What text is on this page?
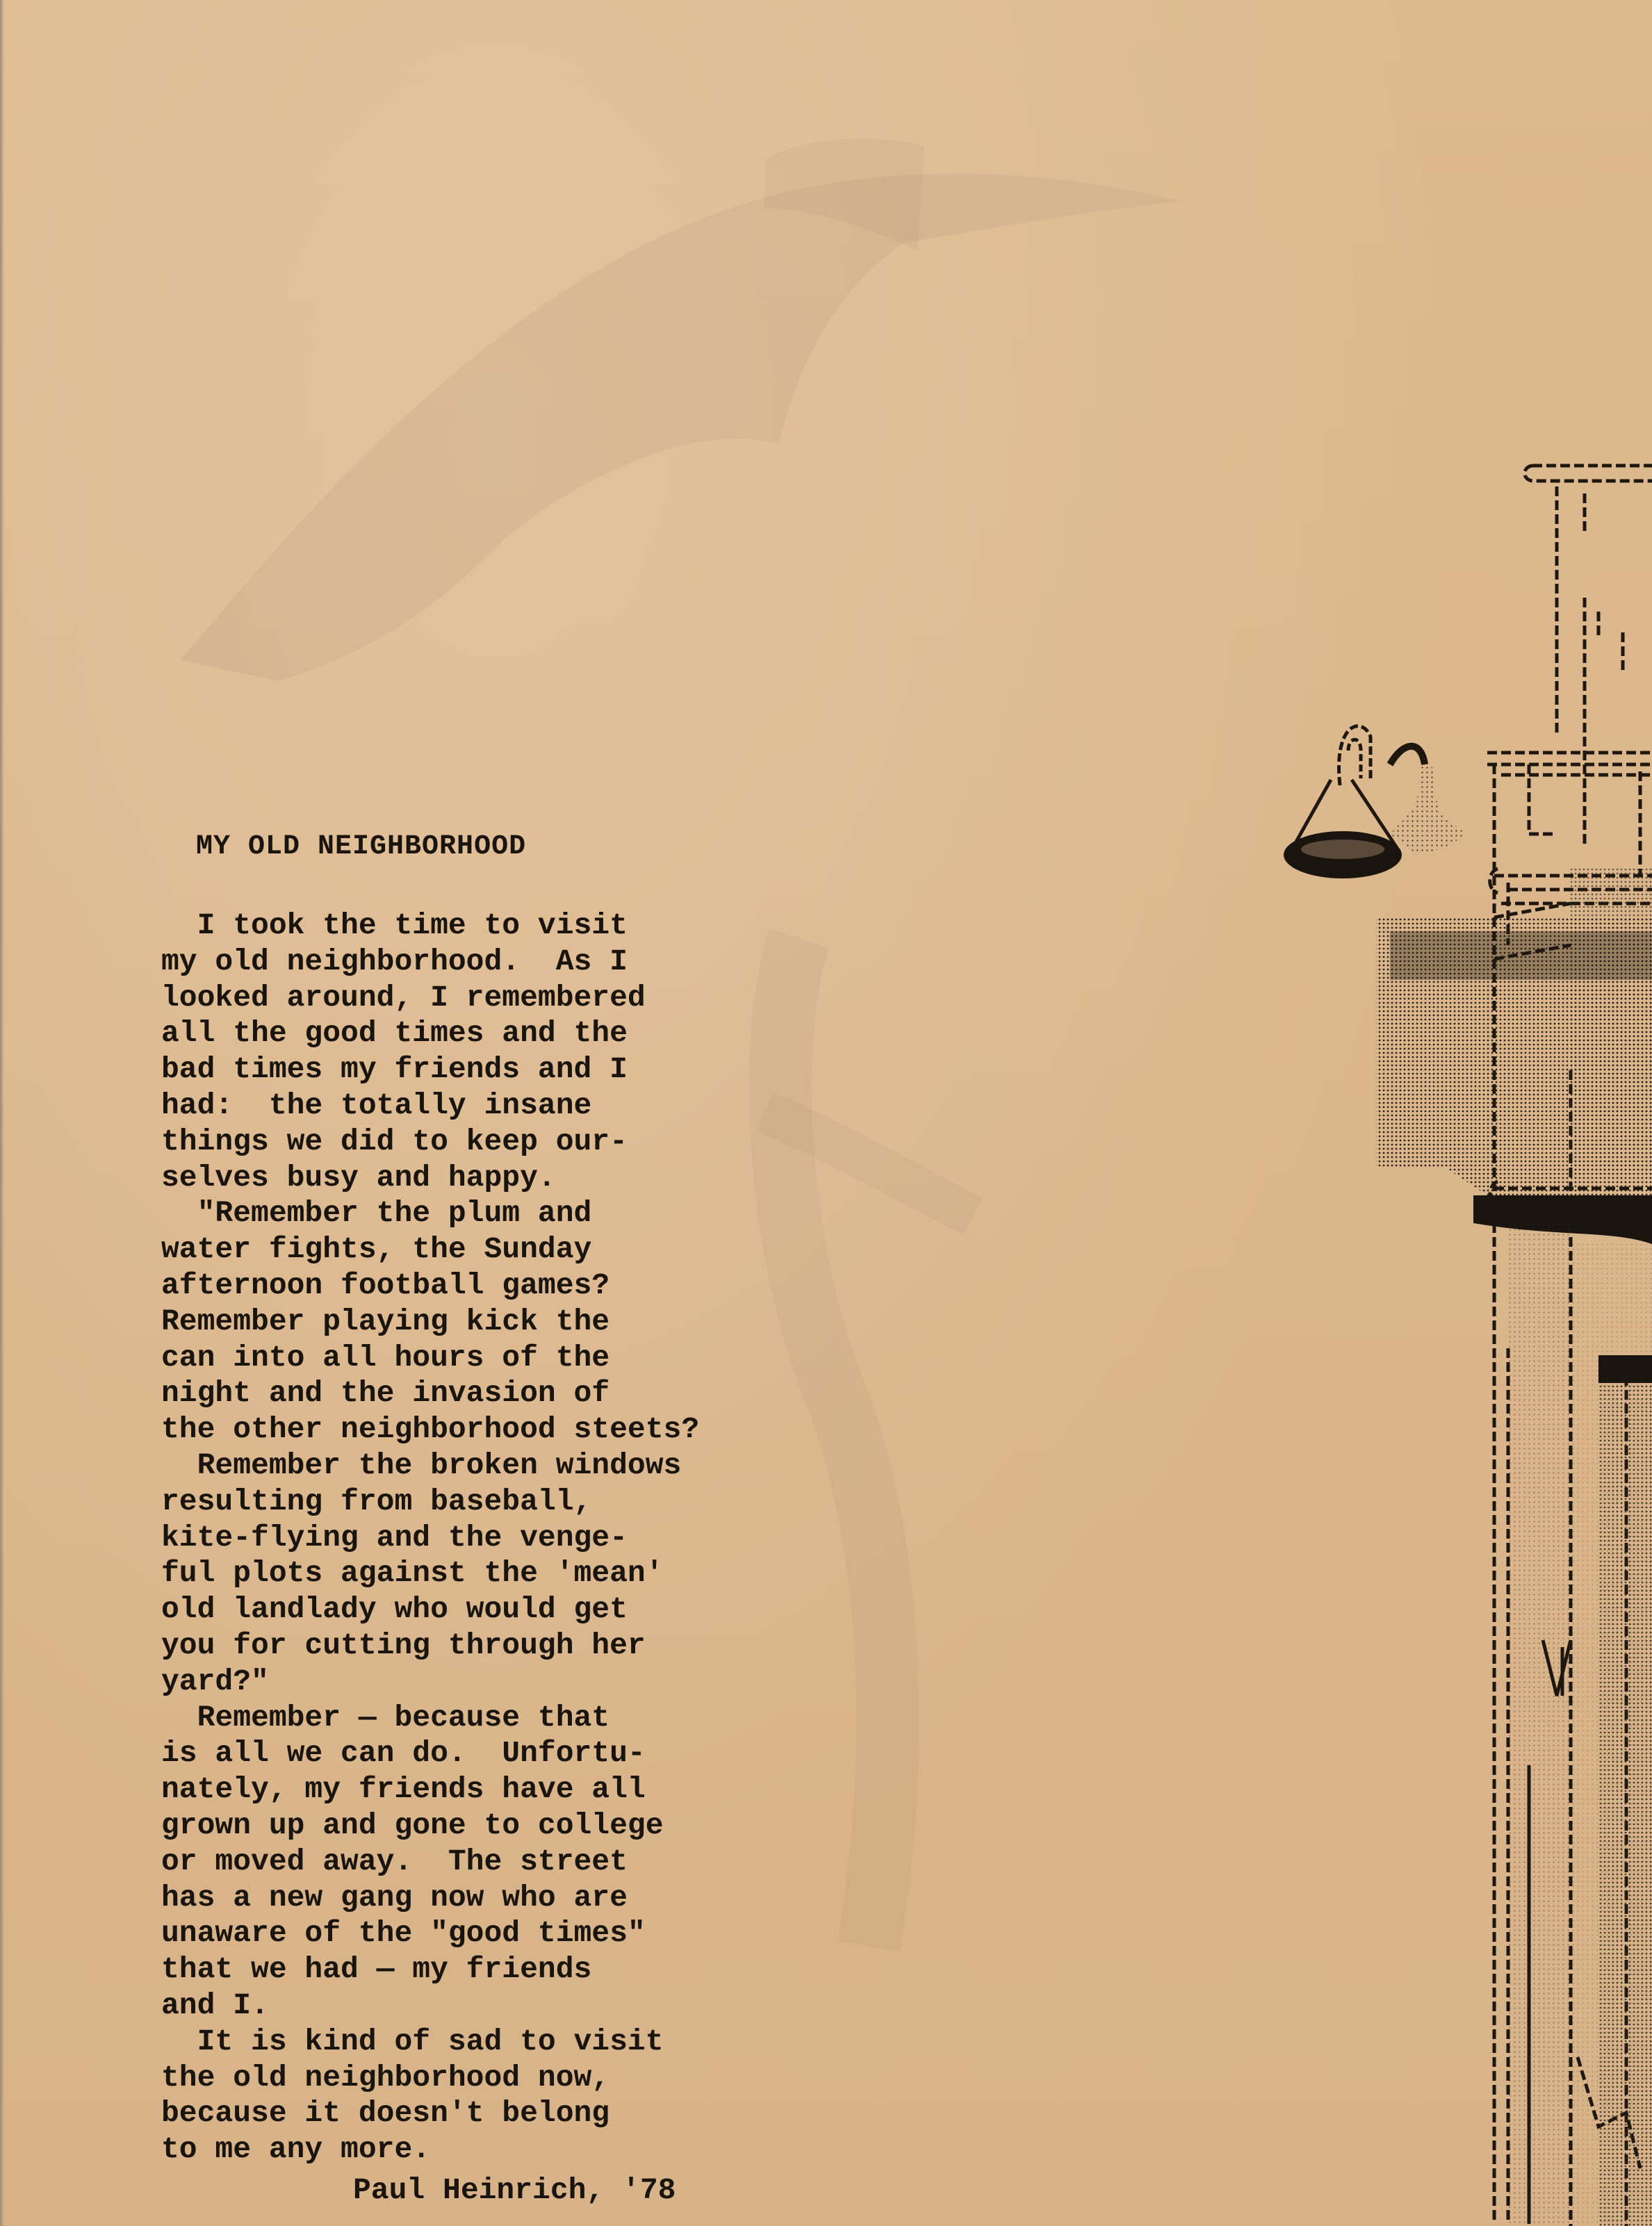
MY OLD NEIGHBORHOOD
I took the time to visit
my old neighborhood.  As I
looked around, I remembered
all the good times and the
bad times my friends and I
had:  the totally insane
things we did to keep our-
selves busy and happy.
"Remember the plum and
water fights, the Sunday
afternoon football games?
Remember playing kick the
can into all hours of the
night and the invasion of
the other neighborhood steets?
Remember the broken windows
resulting from baseball,
kite-flying and the venge-
ful plots against the 'mean'
old landlady who would get
you for cutting through her
yard?"
Remember — because that
is all we can do.  Unfortu-
nately, my friends have all
grown up and gone to college
or moved away.  The street
has a new gang now who are
unaware of the "good times"
that we had — my friends
and I.
It is kind of sad to visit
the old neighborhood now,
because it doesn't belong
to me any more.
Paul Heinrich, '78
